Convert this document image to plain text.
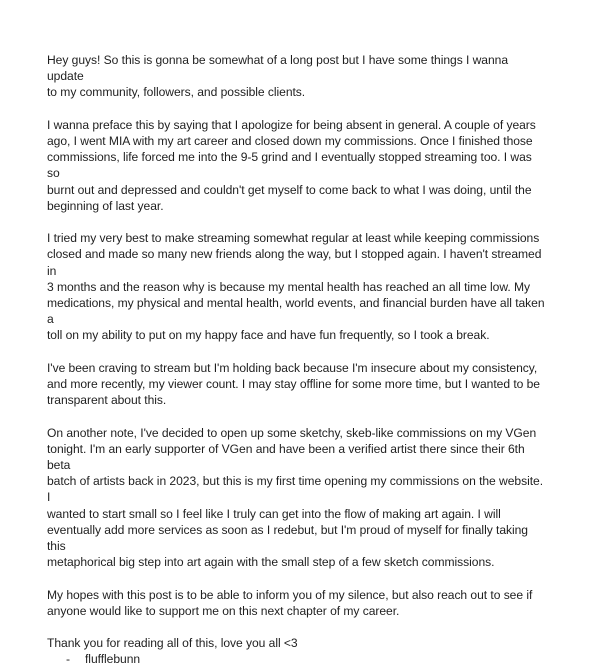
Hey guys! So this is gonna be somewhat of a long post but I have some things I wanna update
to my community, followers, and possible clients.

I wanna preface this by saying that I apologize for being absent in general. A couple of years
ago, I went MIA with my art career and closed down my commissions. Once I finished those
commissions, life forced me into the 9-5 grind and I eventually stopped streaming too. I was so
burnt out and depressed and couldn't get myself to come back to what I was doing, until the
beginning of last year.

I tried my very best to make streaming somewhat regular at least while keeping commissions
closed and made so many new friends along the way, but I stopped again. I haven't streamed in
3 months and the reason why is because my mental health has reached an all time low. My
medications, my physical and mental health, world events, and financial burden have all taken a
toll on my ability to put on my happy face and have fun frequently, so I took a break.

I've been craving to stream but I'm holding back because I'm insecure about my consistency,
and more recently, my viewer count. I may stay offline for some more time, but I wanted to be
transparent about this.

On another note, I've decided to open up some sketchy, skeb-like commissions on my VGen
tonight. I'm an early supporter of VGen and have been a verified artist there since their 6th beta
batch of artists back in 2023, but this is my first time opening my commissions on the website. I
wanted to start small so I feel like I truly can get into the flow of making art again. I will
eventually add more services as soon as I redebut, but I'm proud of myself for finally taking this
metaphorical big step into art again with the small step of a few sketch commissions.

My hopes with this post is to be able to inform you of my silence, but also reach out to see if
anyone would like to support me on this next chapter of my career.

Thank you for reading all of this, love you all <3

-	flufflebunn
